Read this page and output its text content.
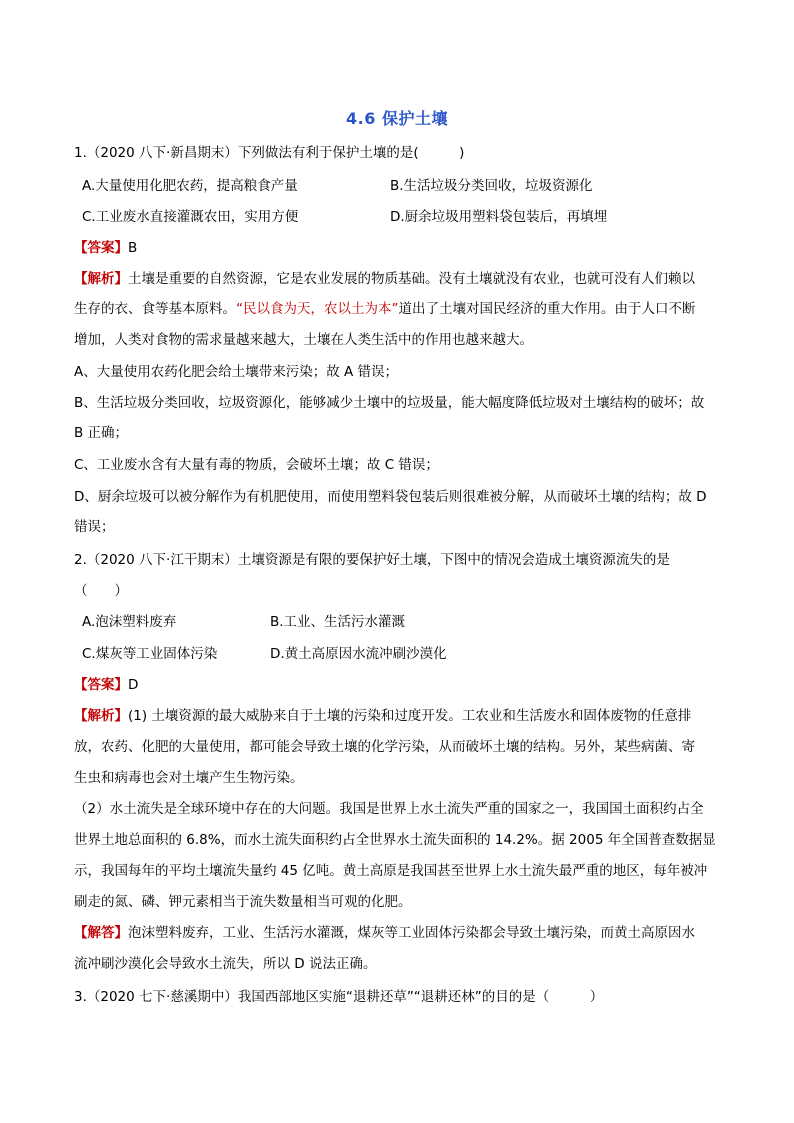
4.6 保护土壤
1.（2020 八下·新昌期末）下列做法有利于保护土壤的是(　　　)
A.大量使用化肥农药，提高粮食产量	B.生活垃圾分类回收，垃圾资源化
C.工业废水直接灌溉农田，实用方便	D.厨余垃圾用塑料袋包装后，再填埋
【答案】B
【解析】土壤是重要的自然资源，它是农业发展的物质基础。没有土壤就没有农业，也就可没有人们赖以
生存的衣、食等基本原料。“民以食为天，农以土为本”道出了土壤对国民经济的重大作用。由于人口不断
增加，人类对食物的需求量越来越大，土壤在人类生活中的作用也越来越大。
A、大量使用农药化肥会给土壤带来污染；故 A 错误；
B、生活垃圾分类回收，垃圾资源化，能够减少土壤中的垃圾量，能大幅度降低垃圾对土壤结构的破坏；故
B 正确；
C、工业废水含有大量有毒的物质，会破坏土壤；故 C 错误；
D、厨余垃圾可以被分解作为有机肥使用，而使用塑料袋包装后则很难被分解，从而破坏土壤的结构；故 D
错误；
2.（2020 八下·江干期末）土壤资源是有限的要保护好土壤，下图中的情况会造成土壤资源流失的是
（　　）
A.泡沫塑料废弃	B.工业、生活污水灌溉
C.煤灰等工业固体污染	D.黄土高原因水流冲刷沙漠化
【答案】D
【解析】(1) 土壤资源的最大威胁来自于土壤的污染和过度开发。工农业和生活废水和固体废物的任意排
放，农药、化肥的大量使用，都可能会导致土壤的化学污染，从而破坏土壤的结构。另外，某些病菌、寄
生虫和病毒也会对土壤产生生物污染。
（2）水土流失是全球环境中存在的大问题。我国是世界上水土流失严重的国家之一，我国国土面积约占全
世界土地总面积的 6.8%，而水土流失面积约占全世界水土流失面积的 14.2%。据 2005 年全国普查数据显
示，我国每年的平均土壤流失量约 45 亿吨。黄土高原是我国甚至世界上水土流失最严重的地区，每年被冲
刷走的氮、磷、钾元素相当于流失数量相当可观的化肥。
【解答】泡沫塑料废弃，工业、生活污水灌溉，煤灰等工业固体污染都会导致土壤污染，而黄土高原因水
流冲刷沙漠化会导致水土流失，所以 D 说法正确。
3.（2020 七下·慈溪期中）我国西部地区实施“退耕还草”“退耕还林”的目的是（　　　）
